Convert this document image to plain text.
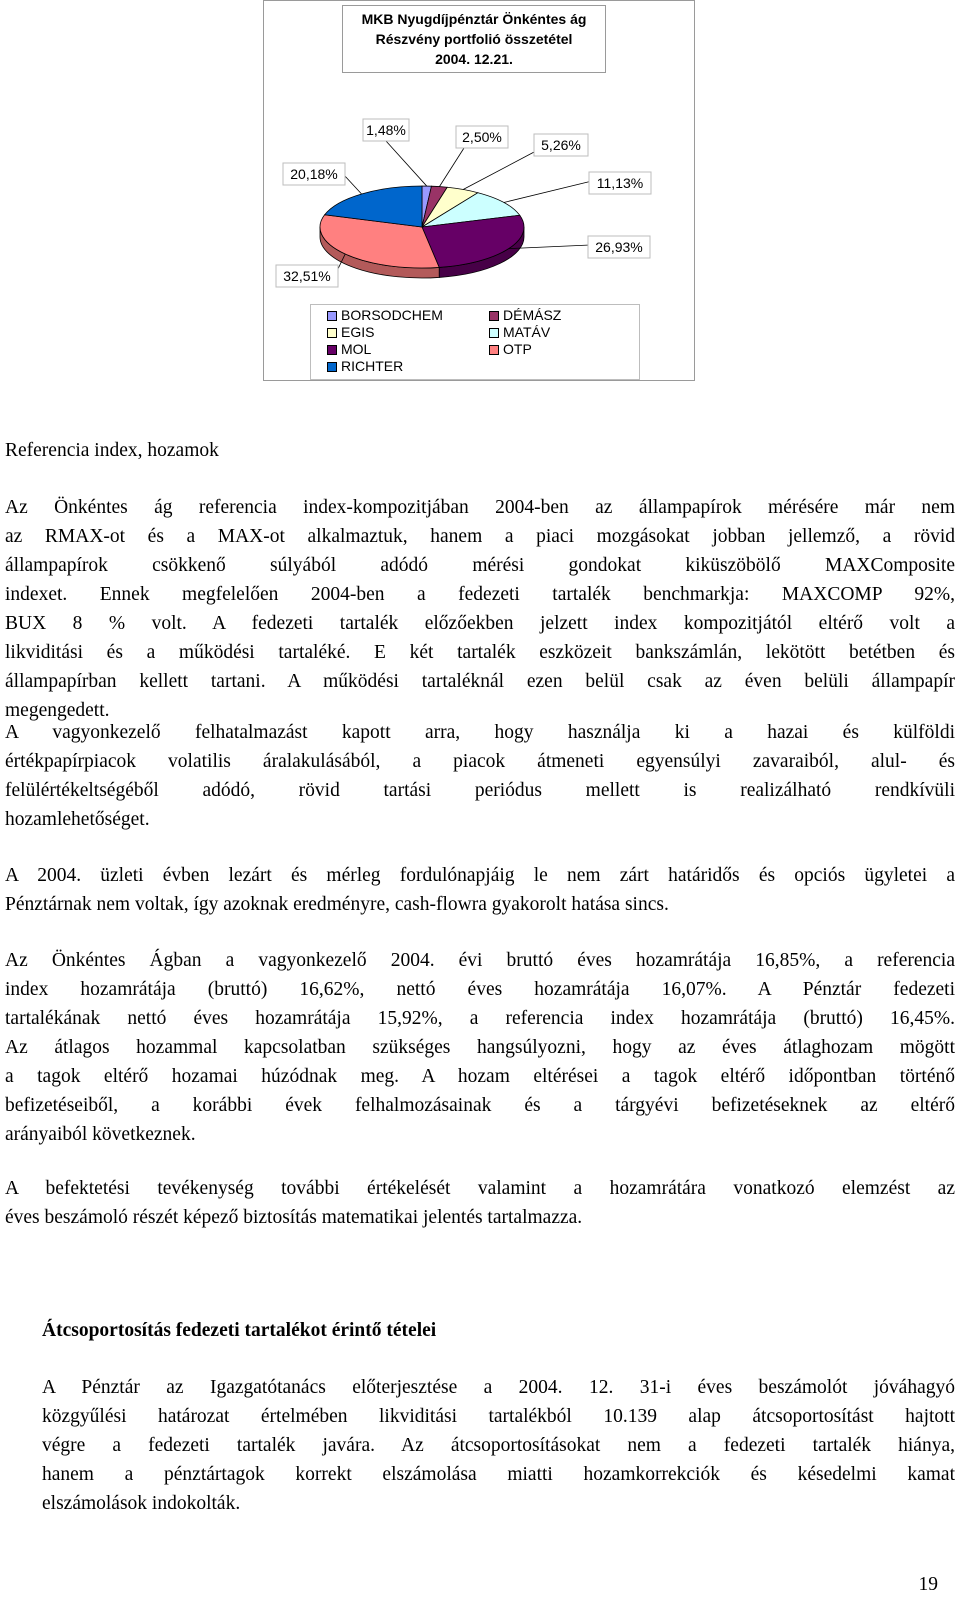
MKB Nyugdíjpénztár Önkéntes ág
Részvény portfolió összetétel
2004. 12.21.
1,48%	2,50%	5,26%
11,13%
26,93%
32,51%
20,18%
BORSODCHEM	DÉMÁSZ
EGIS	MATÁV
MOL	OTP
RICHTER
Referencia index, hozamok
Az Önkéntes ág referencia index-kompozitjában 2004-ben az állampapírok mérésére már nem
az RMAX-ot és a MAX-ot alkalmaztuk, hanem a piaci mozgásokat jobban jellemző, a rövid
állampapírok csökkenő súlyából adódó mérési gondokat kiküszöbölő MAXComposite
indexet. Ennek megfelelően 2004-ben a fedezeti tartalék benchmarkja: MAXCOMP 92%,
BUX 8 % volt. A fedezeti tartalék előzőekben jelzett index kompozitjától eltérő volt a
likviditási és a működési tartaléké. E két tartalék eszközeit bankszámlán, lekötött betétben és
állampapírban kellett tartani. A működési tartaléknál ezen belül csak az éven belüli állampapír
megengedett.
A vagyonkezelő felhatalmazást kapott arra, hogy használja ki a hazai és külföldi
értékpapírpiacok volatilis áralakulásából, a piacok átmeneti egyensúlyi zavaraiból, alul- és
felülértékeltségéből adódó, rövid tartási periódus mellett is realizálható rendkívüli
hozamlehetőséget.
A 2004. üzleti évben lezárt és mérleg fordulónapjáig le nem zárt határidős és opciós ügyletei a
Pénztárnak nem voltak, így azoknak eredményre, cash-flowra gyakorolt hatása sincs.
Az Önkéntes Ágban a vagyonkezelő 2004. évi bruttó éves hozamrátája 16,85%, a referencia
index hozamrátája (bruttó) 16,62%, nettó éves hozamrátája 16,07%. A Pénztár fedezeti
tartalékának nettó éves hozamrátája 15,92%, a referencia index hozamrátája (bruttó) 16,45%.
Az átlagos hozammal kapcsolatban szükséges hangsúlyozni, hogy az éves átlaghozam mögött
a tagok eltérő hozamai húzódnak meg. A hozam eltérései a tagok eltérő időpontban történő
befizetéseiből, a korábbi évek felhalmozásainak és a tárgyévi befizetéseknek az eltérő
arányaiból következnek.
A befektetési tevékenység további értékelését valamint a hozamrátára vonatkozó elemzést az
éves beszámoló részét képező biztosítás matematikai jelentés tartalmazza.
Átcsoportosítás fedezeti tartalékot érintő tételei
A Pénztár az Igazgatótanács előterjesztése a 2004. 12. 31-i éves beszámolót jóváhagyó
közgyűlési határozat értelmében likviditási tartalékból 10.139 alap átcsoportosítást hajtott
végre a fedezeti tartalék javára. Az átcsoportosításokat nem a fedezeti tartalék hiánya,
hanem a pénztártagok korrekt elszámolása miatti hozamkorrekciók és késedelmi kamat
elszámolások indokolták.
19
